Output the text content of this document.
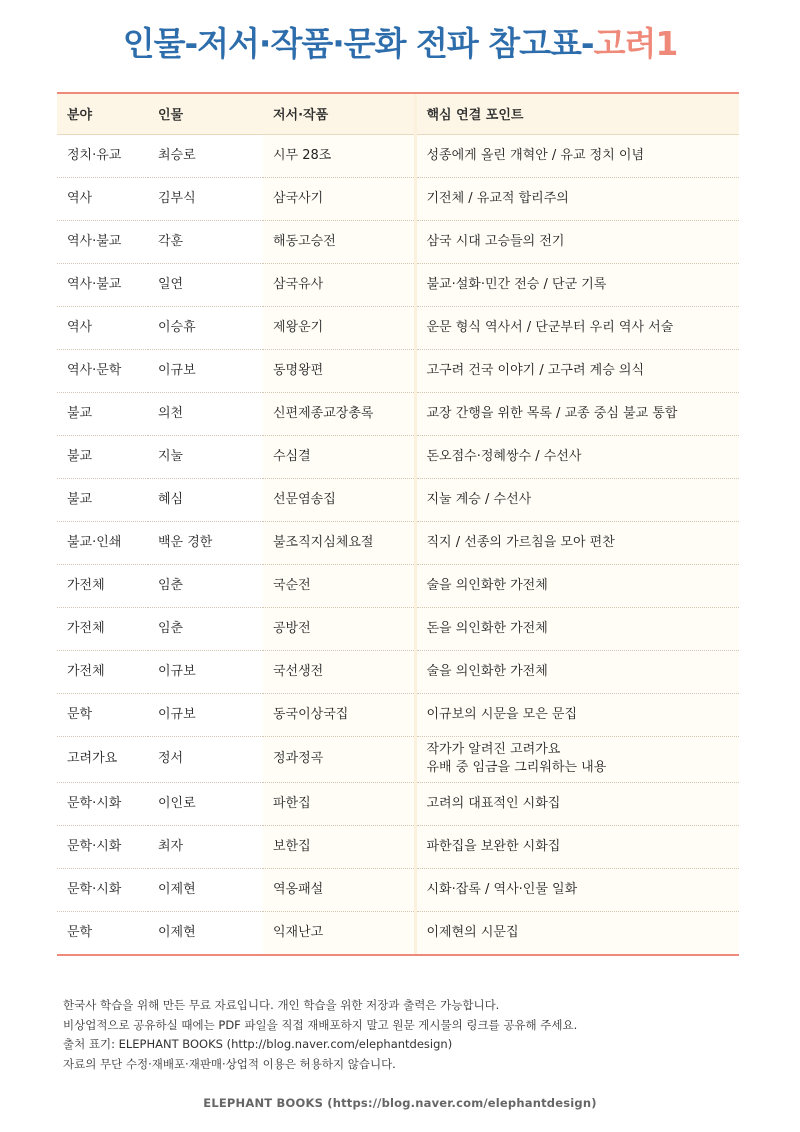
인물-저서·작품·문화 전파 참고표-고려1
분야	인물	저서·작품	핵심 연결 포인트
정치·유교	최승로	시무 28조	성종에게 올린 개혁안 / 유교 정치 이념
역사	김부식	삼국사기	기전체 / 유교적 합리주의
역사·불교	각훈	해동고승전	삼국 시대 고승들의 전기
역사·불교	일연	삼국유사	불교·설화·민간 전승 / 단군 기록
역사	이승휴	제왕운기	운문 형식 역사서 / 단군부터 우리 역사 서술
역사·문학	이규보	동명왕편	고구려 건국 이야기 / 고구려 계승 의식
불교	의천	신편제종교장총록	교장 간행을 위한 목록 / 교종 중심 불교 통합
불교	지눌	수심결	돈오점수·정혜쌍수 / 수선사
불교	혜심	선문염송집	지눌 계승 / 수선사
불교·인쇄	백운 경한	불조직지심체요절	직지 / 선종의 가르침을 모아 편찬
가전체	임춘	국순전	술을 의인화한 가전체
가전체	임춘	공방전	돈을 의인화한 가전체
가전체	이규보	국선생전	술을 의인화한 가전체
문학	이규보	동국이상국집	이규보의 시문을 모은 문집
고려가요	정서	정과정곡	작가가 알려진 고려가요
유배 중 임금을 그리워하는 내용

문학·시화	이인로	파한집	고려의 대표적인 시화집
문학·시화	최자	보한집	파한집을 보완한 시화집
문학·시화	이제현	역옹패설	시화·잡록 / 역사·인물 일화
문학	이제현	익재난고	이제현의 시문집
한국사 학습을 위해 만든 무료 자료입니다. 개인 학습을 위한 저장과 출력은 가능합니다.
비상업적으로 공유하실 때에는 PDF 파일을 직접 재배포하지 말고 원문 게시물의 링크를 공유해 주세요.
출처 표기: ELEPHANT BOOKS (http://blog.naver.com/elephantdesign)
자료의 무단 수정·재배포·재판매·상업적 이용은 허용하지 않습니다.
ELEPHANT BOOKS (https://blog.naver.com/elephantdesign)
